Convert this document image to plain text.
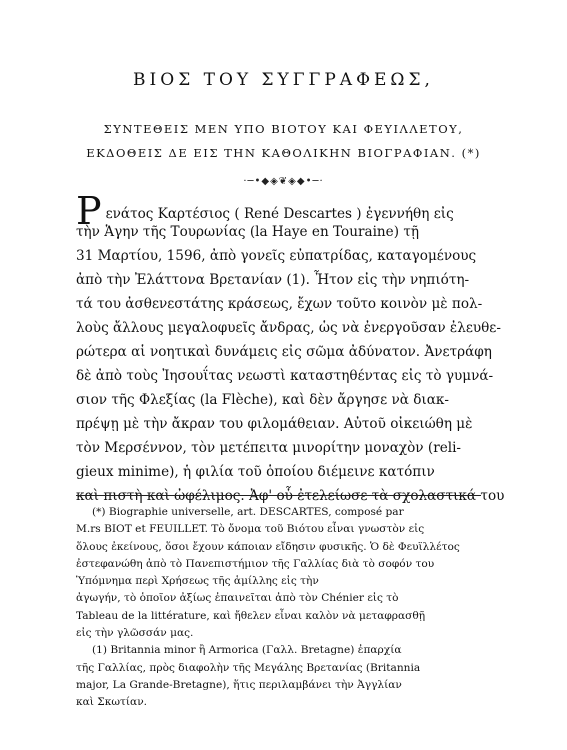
ΒΙΟΣ ΤΟΥ ΣΥΓΓΡΑΦΕΩΣ,
ΣΥΝΤΕΘΕΙΣ ΜΕΝ ΥΠΟ ΒΙΟΤΟΥ ΚΑΙ ΦΕΥΙΛΛΕΤΟΥ,
ΕΚΔΟΘΕΙΣ ΔΕ ΕΙΣ ΤΗΝ ΚΑΘΟΛΙΚΗΝ ΒΙΟΓΡΑΦΙΑΝ. (*)
·─•◆◈❦◈◆•─·
Ρενάτος Καρτέσιος ( René Descartes ) ἐγεννήθη εἰς
τὴν Ἁγην τῆς Τουρωνίας (la Haye en Touraine) τῇ
31 Μαρτίου, 1596, ἀπὸ γονεῖς εὐπατρίδας, καταγομένους
ἀπὸ τὴν Ἐλάττονα Βρετανίαν (1). Ἦτον εἰς τὴν νηπιότη-
τά του ἀσθενεστάτης κράσεως, ἔχων τοῦτο κοινὸν μὲ πολ-
λοὺς ἄλλους μεγαλοφυεῖς ἄνδρας, ὡς νὰ ἐνεργοῦσαν ἐλευθε-
ρώτερα αἱ νοητικαὶ δυνάμεις εἰς σῶμα ἀδύνατον. Ἀνετράφη
δὲ ἀπὸ τοὺς Ἰησουΐτας νεωστὶ καταστηθέντας εἰς τὸ γυμνά-
σιον τῆς Φλεξίας (la Flèche), καὶ δὲν ἄργησε νὰ διακ-
πρέψῃ μὲ τὴν ἄκραν του φιλομάθειαν. Αὐτοῦ οἰκειώθη μὲ
τὸν Μερσέννον, τὸν μετέπειτα μινορίτην μοναχὸν (reli-
gieux minime), ἡ φιλία τοῦ ὁποίου διέμεινε κατόπιν
καὶ πιστὴ καὶ ὠφέλιμος. Ἀφ' οὗ ἐτελείωσε τὰ σχολαστικά του
(*) Biographie universelle, art. DESCARTES, composé par
M.rs BIOT et FEUILLET. Τὸ ὄνομα τοῦ Βιότου εἶναι γνωστὸν εἰς
ὅλους ἐκείνους, ὅσοι ἔχουν κάποιαν εἴδησιν φυσικῆς. Ὁ δὲ Φευϊλλέτος
ἐστεφανώθη ἀπὸ τὸ Πανεπιστήμιον τῆς Γαλλίας διὰ τὸ σοφόν του
Ὑπόμνημα περὶ Χρήσεως τῆς ἁμίλλης εἰς τὴν
ἀγωγήν, τὸ ὁποῖον ἀξίως ἐπαινεῖται ἀπὸ τὸν Chénier εἰς τὸ
Tableau de la littérature, καὶ ἤθελεν εἶναι καλὸν νὰ μεταφρασθῇ
εἰς τὴν γλῶσσάν μας.
(1) Britannia minor ἢ Armorica (Γαλλ. Bretagne) ἐπαρχία
τῆς Γαλλίας, πρὸς διαφολὴν τῆς Μεγάλης Βρετανίας (Britannia
major, La Grande-Bretagne), ἥτις περιλαμβάνει τὴν Ἀγγλίαν
καὶ Σκωτίαν.
